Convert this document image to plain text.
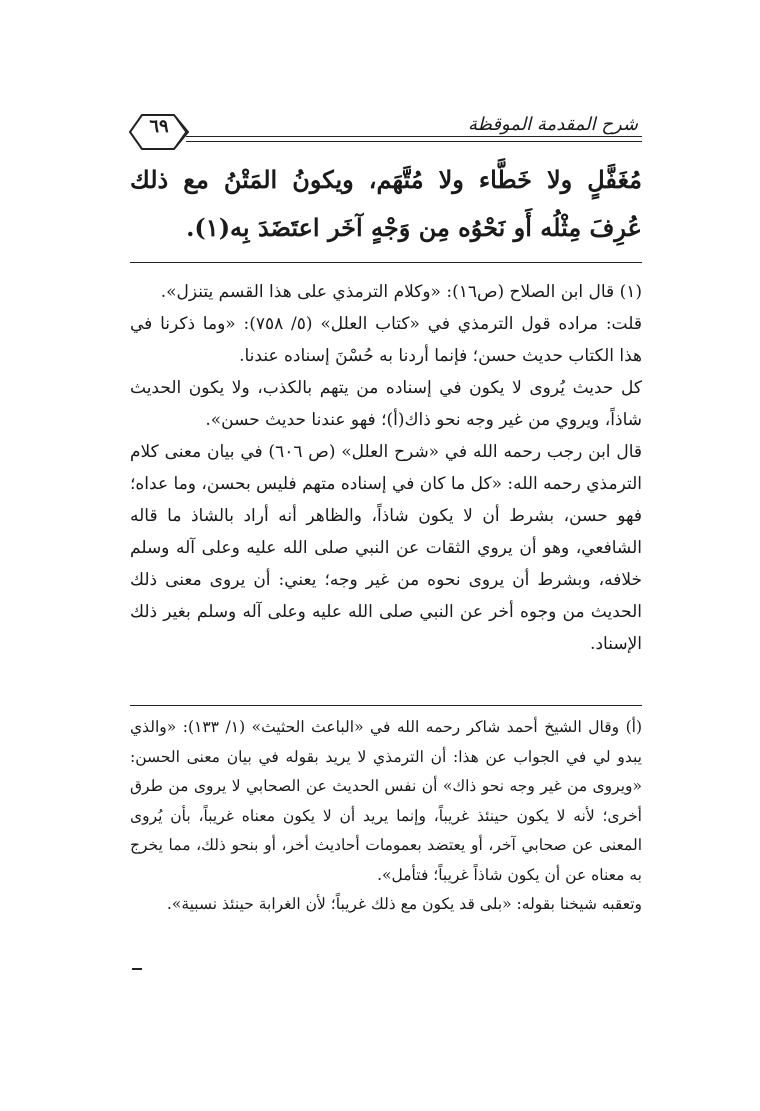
شرح المقدمة الموقظة
٦٩
مُغَفَّلٍ ولا خَطَّاء ولا مُتَّهَم، ويكونُ المَتْنُ مع ذلك عُرِفَ مِثْلُه أَو نَحْوُه مِن وَجْهٍ آخَر اعتَضَدَ بِه(١).

(١) قال ابن الصلاح (ص١٦): «وكلام الترمذي على هذا القسم يتنزل».

قلت: مراده قول الترمذي في «كتاب العلل» (٥/ ٧٥٨): «وما ذكرنا في هذا الكتاب حديث حسن؛ فإنما أردنا به حُسْنَ إسناده عندنا.

كل حديث يُروى لا يكون في إسناده من يتهم بالكذب، ولا يكون الحديث شاذاً، ويروي من غير وجه نحو ذاك(أ)؛ فهو عندنا حديث حسن».

قال ابن رجب رحمه الله في «شرح العلل» (ص ٦٠٦) في بيان معنى كلام الترمذي رحمه الله: «كل ما كان في إسناده متهم فليس بحسن، وما عداه؛ فهو حسن، بشرط أن لا يكون شاذاً، والظاهر أنه أراد بالشاذ ما قاله الشافعي، وهو أن يروي الثقات عن النبي صلى الله عليه وعلى آله وسلم خلافه، وبشرط أن يروى نحوه من غير وجه؛ يعني: أن يروى معنى ذلك الحديث من وجوه أخر عن النبي صلى الله عليه وعلى آله وسلم بغير ذلك الإسناد.

(أ) وقال الشيخ أحمد شاكر رحمه الله في «الباعث الحثيث» (١/ ١٣٣): «والذي يبدو لي في الجواب عن هذا: أن الترمذي لا يريد بقوله في بيان معنى الحسن: «ويروى من غير وجه نحو ذاك» أن نفس الحديث عن الصحابي لا يروى من طرق أخرى؛ لأنه لا يكون حينئذ غريباً، وإنما يريد أن لا يكون معناه غريباً، بأن يُروى المعنى عن صحابي آخر، أو يعتضد بعمومات أحاديث أخر، أو بنحو ذلك، مما يخرج به معناه عن أن يكون شاذاً غريباً؛ فتأمل».

وتعقبه شيخنا بقوله: «بلى قد يكون مع ذلك غريباً؛ لأن الغرابة حينئذ نسبية».
